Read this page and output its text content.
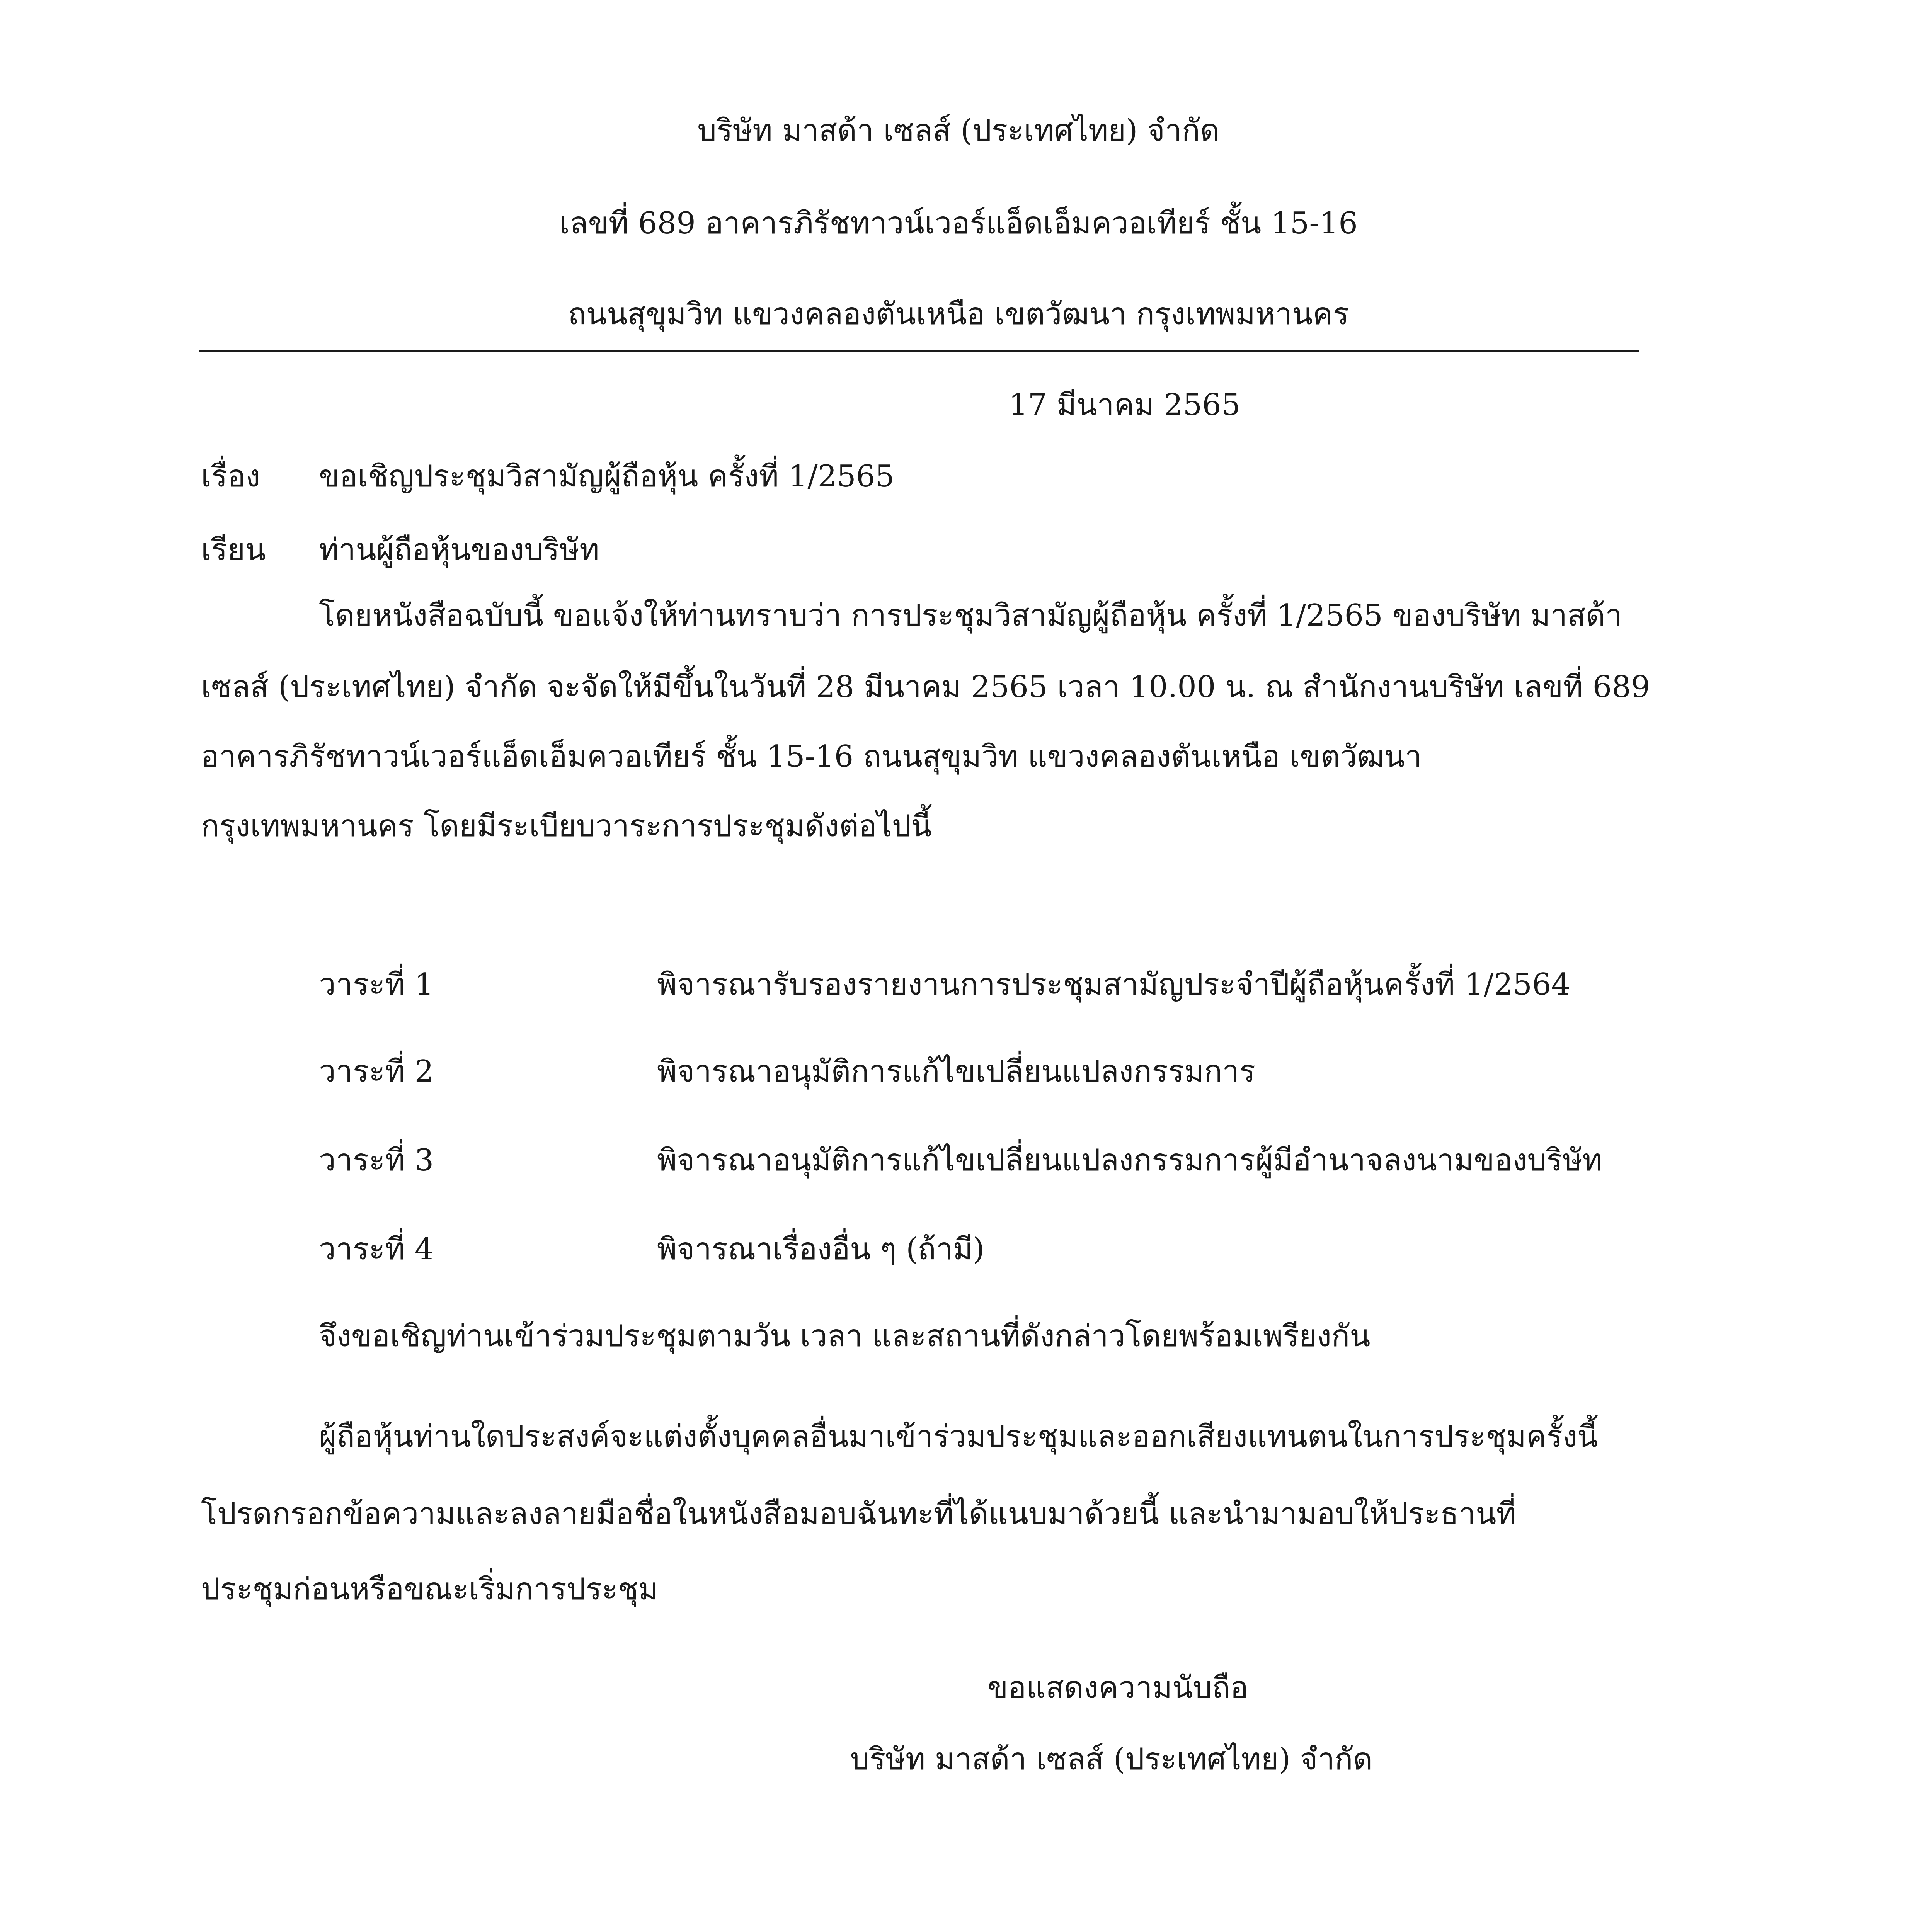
บริษัท มาสด้า เซลส์ (ประเทศไทย) จำกัด
เลขที่ 689 อาคารภิรัชทาวน์เวอร์แอ็ดเอ็มควอเทียร์ ชั้น 15-16
ถนนสุขุมวิท แขวงคลองตันเหนือ เขตวัฒนา กรุงเทพมหานคร
17 มีนาคม 2565
เรื่อง ขอเชิญประชุมวิสามัญผู้ถือหุ้น ครั้งที่ 1/2565
เรียน ท่านผู้ถือหุ้นของบริษัท
โดยหนังสือฉบับนี้ ขอแจ้งให้ท่านทราบว่า การประชุมวิสามัญผู้ถือหุ้น ครั้งที่ 1/2565 ของบริษัท มาสด้า
เซลส์ (ประเทศไทย) จำกัด จะจัดให้มีขึ้นในวันที่ 28 มีนาคม 2565 เวลา 10.00 น. ณ สำนักงานบริษัท เลขที่ 689
อาคารภิรัชทาวน์เวอร์แอ็ดเอ็มควอเทียร์ ชั้น 15-16 ถนนสุขุมวิท แขวงคลองตันเหนือ เขตวัฒนา
กรุงเทพมหานคร โดยมีระเบียบวาระการประชุมดังต่อไปนี้
วาระที่ 1	พิจารณารับรองรายงานการประชุมสามัญประจำปีผู้ถือหุ้นครั้งที่ 1/2564
วาระที่ 2	พิจารณาอนุมัติการแก้ไขเปลี่ยนแปลงกรรมการ
วาระที่ 3	พิจารณาอนุมัติการแก้ไขเปลี่ยนแปลงกรรมการผู้มีอำนาจลงนามของบริษัท
วาระที่ 4	พิจารณาเรื่องอื่น ๆ (ถ้ามี)
จึงขอเชิญท่านเข้าร่วมประชุมตามวัน เวลา และสถานที่ดังกล่าวโดยพร้อมเพรียงกัน
ผู้ถือหุ้นท่านใดประสงค์จะแต่งตั้งบุคคลอื่นมาเข้าร่วมประชุมและออกเสียงแทนตนในการประชุมครั้งนี้
โปรดกรอกข้อความและลงลายมือชื่อในหนังสือมอบฉันทะที่ได้แนบมาด้วยนี้ และนำมามอบให้ประธานที่
ประชุมก่อนหรือขณะเริ่มการประชุม
ขอแสดงความนับถือ
บริษัท มาสด้า เซลส์ (ประเทศไทย) จำกัด
